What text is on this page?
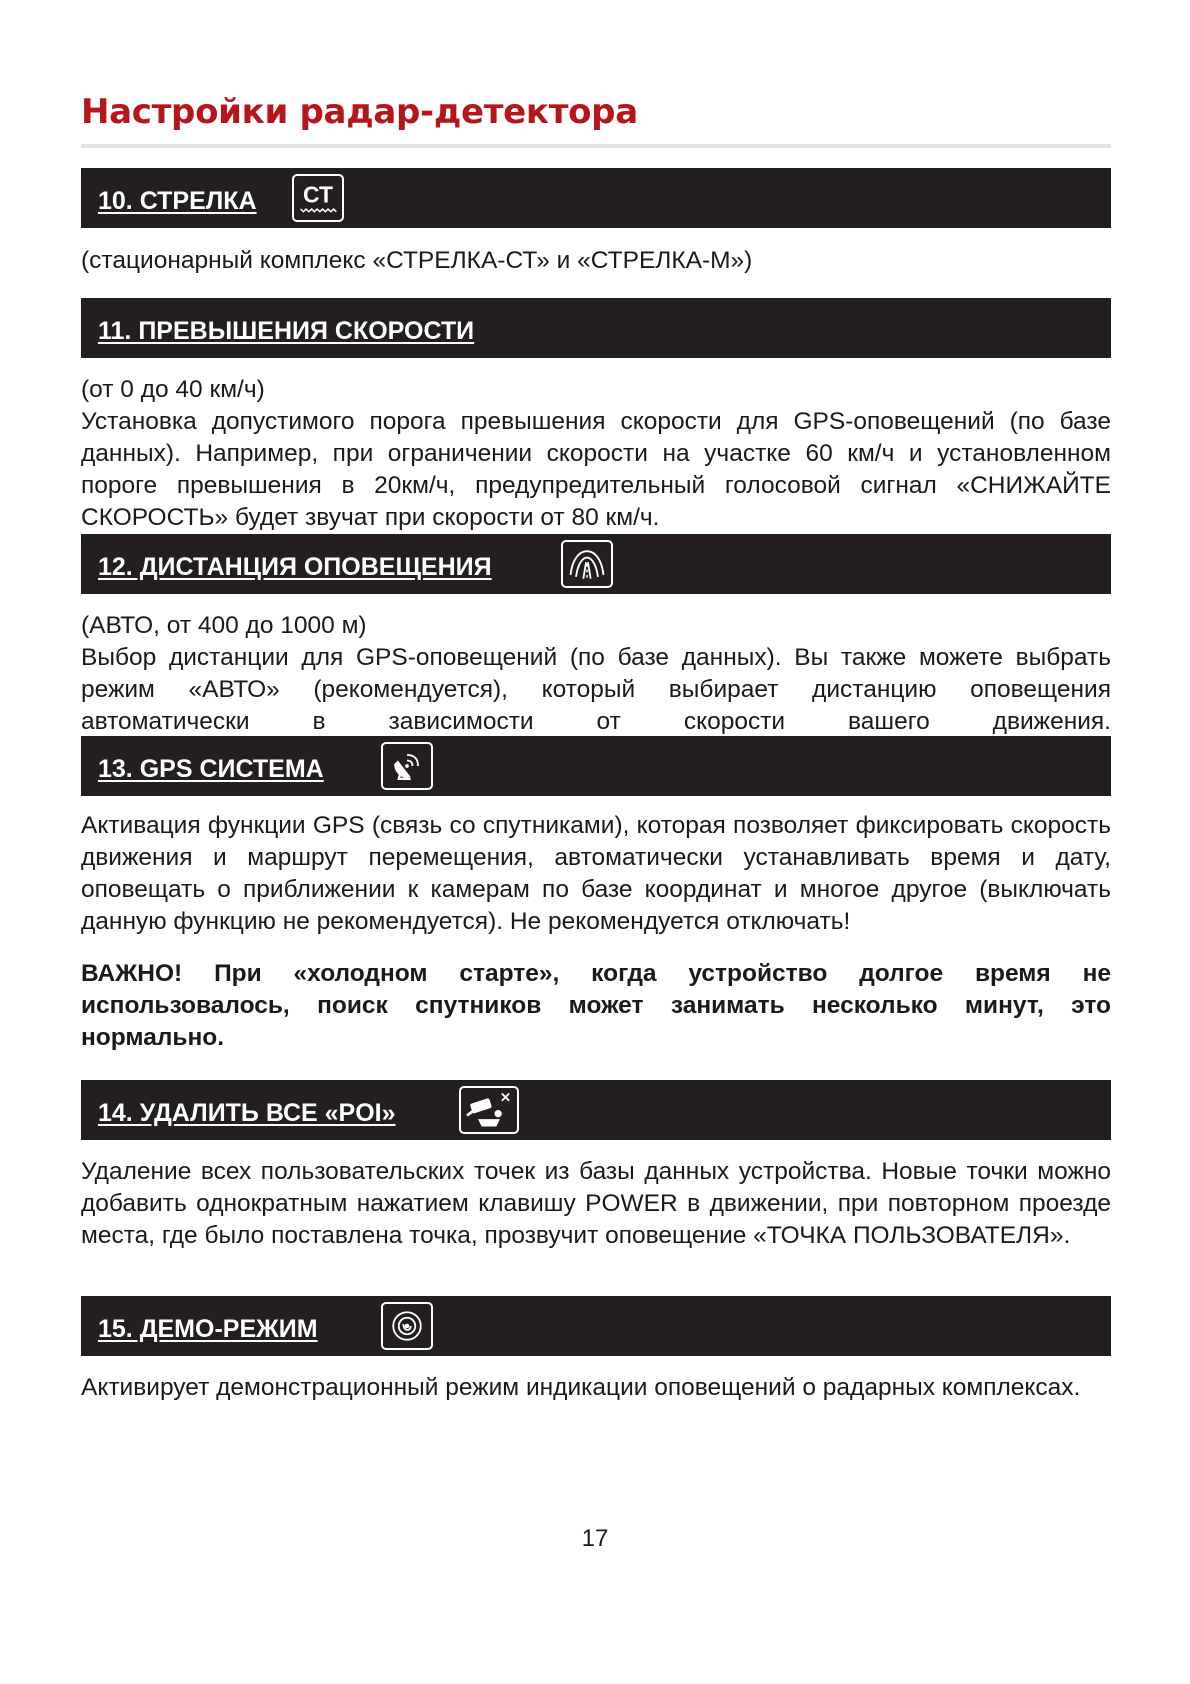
Настройки радар-детектора
10. СТРЕЛКА СТ

(стационарный комплекс «СТРЕЛКА-СТ» и «СТРЕЛКА-М»)

11. ПРЕВЫШЕНИЯ СКОРОСТИ

(от 0 до 40 км/ч)

Установка допустимого порога превышения скорости для GPS-оповещений (по базе данных). Например, при ограничении скорости на участке 60 км/ч и установленном пороге превышения в 20км/ч, предупредительный голосовой сигнал «СНИЖАЙТЕ СКОРОСТЬ» будет звучат при скорости от 80 км/ч.

12. ДИСТАНЦИЯ ОПОВЕЩЕНИЯ

(АВТО, от 400 до 1000 м)

Выбор дистанции для GPS-оповещений (по базе данных). Вы также можете выбрать режим «АВТО» (рекомендуется), который выбирает дистанцию оповещения автоматически в зависимости от скорости вашего движения.

13. GPS СИСТЕМА

Активация функции GPS (связь со спутниками), которая позволяет фиксировать скорость движения и маршрут перемещения, автоматически устанавливать время и дату, оповещать о приближении к камерам по базе координат и многое другое (выключать данную функцию не рекомендуется). Не рекомендуется отключать!

ВАЖНО! При «холодном старте», когда устройство долгое время не использовалось, поиск спутников может занимать несколько минут, это нормально.

14. УДАЛИТЬ ВСЕ «POI»

Удаление всех пользовательских точек из базы данных устройства. Новые точки можно добавить однократным нажатием клавишу POWER в движении, при повторном проезде места, где было поставлена точка, прозвучит оповещение «ТОЧКА ПОЛЬЗОВАТЕЛЯ».

15. ДЕМО-РЕЖИМ

Активирует демонстрационный режим индикации оповещений о радарных комплексах.

17
